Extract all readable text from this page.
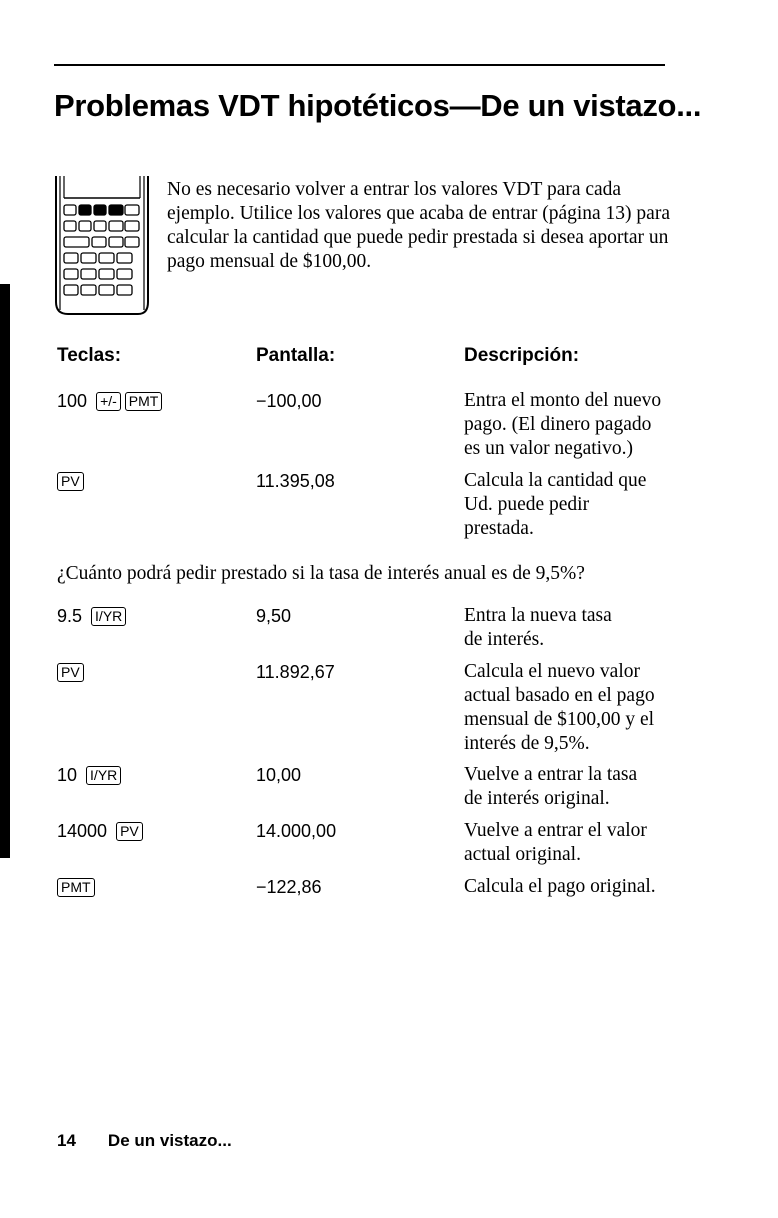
Problemas VDT hipotéticos—De un vistazo...

No es necesario volver a entrar los valores VDT para cada ejemplo. Utilice los valores que acaba de entrar (página 13) para calcular la cantidad que puede pedir prestada si desea aportar un pago mensual de $100,00.

Teclas:	Pantalla:	Descripción:
100 +/- PMT	−100,00	Entra el monto del nuevo
pago. (El dinero pagado
es un valor negativo.)
PV	11.395,08	Calcula la cantidad que
Ud. puede pedir
prestada.
¿Cuánto podrá pedir prestado si la tasa de interés anual es de 9,5%?
9.5 I/YR	9,50	Entra la nueva tasa
de interés.
PV	11.892,67	Calcula el nuevo valor
actual basado en el pago
mensual de $100,00 y el
interés de 9,5%.
10 I/YR	10,00	Vuelve a entrar la tasa
de interés original.
14000 PV	14.000,00	Vuelve a entrar el valor
actual original.
PMT	−122,86	Calcula el pago original.
14 De un vistazo...
